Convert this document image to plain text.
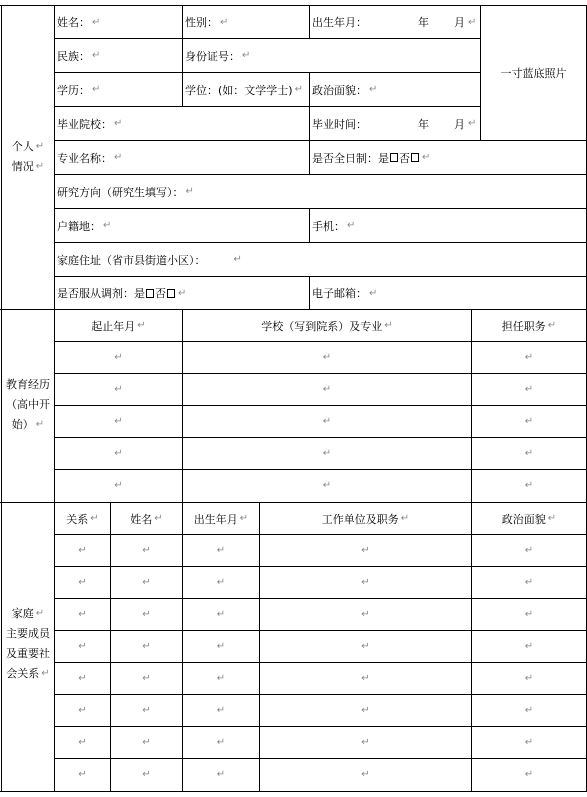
个人 ↵
情况 ↵
教育经历
（高中开
始） ↵
家庭 ↵
主要成员
及重要社
会关系 ↵
姓名： ↵	性别： ↵	出生年月：	年 月 ↵
一寸蓝底照片
民族： ↵	身份证号： ↵
学历： ↵	学位：(如：文学学士) ↵ 政治面貌： ↵
毕业院校： ↵	毕业时间：	年 月 ↵
专业名称： ↵	是否全日制： 是 否 ↵
研究方向（研究生填写）： ↵
户籍地： ↵	手机： ↵
家庭住址（省市县街道小区）：	↵
是否服从调剂： 是 否 ↵	电子邮箱： ↵
起止年月 ↵	学校（写到院系）及专业 ↵	担任职务 ↵
↵	↵	↵
↵	↵	↵
↵	↵	↵
↵	↵	↵
↵	↵	↵
关系 ↵	姓名 ↵	出生年月 ↵	工作单位及职务 ↵	政治面貌 ↵
↵	↵	↵	↵	↵
↵	↵	↵	↵	↵
↵	↵	↵	↵	↵
↵	↵	↵	↵	↵
↵	↵	↵	↵	↵
↵	↵	↵	↵	↵
↵	↵	↵	↵	↵
↵	↵	↵	↵	↵
